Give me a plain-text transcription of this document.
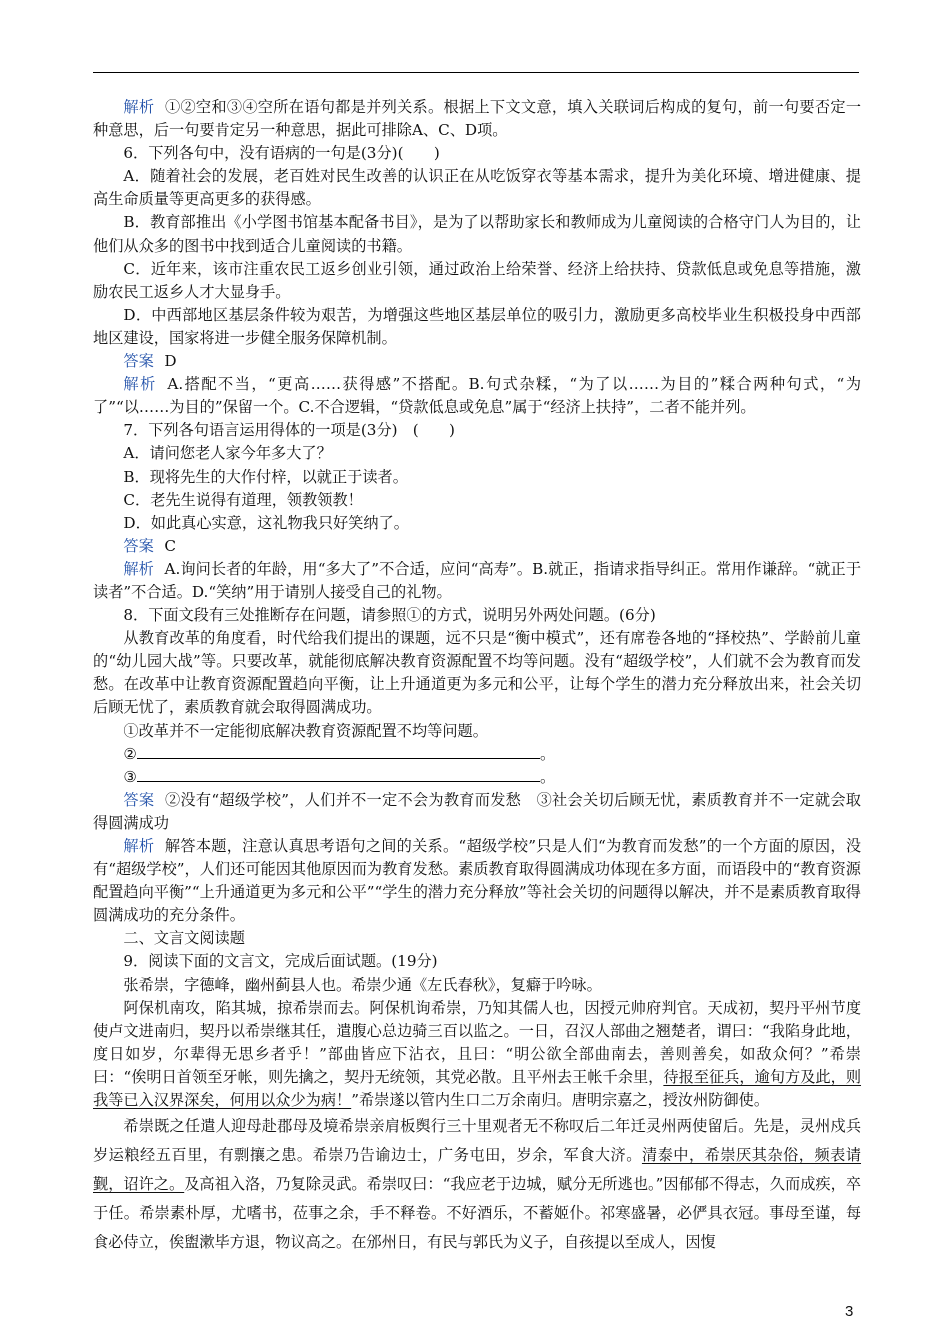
解析 ①②空和③④空所在语句都是并列关系。根据上下文文意，填入关联词后构成的复句，前一句要否定一种意思，后一句要肯定另一种意思，据此可排除A、C、D项。

6．下列各句中，没有语病的一句是(3分)(　　)

A．随着社会的发展，老百姓对民生改善的认识正在从吃饭穿衣等基本需求，提升为美化环境、增进健康、提高生命质量等更高更多的获得感。

B．教育部推出《小学图书馆基本配备书目》，是为了以帮助家长和教师成为儿童阅读的合格守门人为目的，让他们从众多的图书中找到适合儿童阅读的书籍。

C．近年来，该市注重农民工返乡创业引领，通过政治上给荣誉、经济上给扶持、贷款低息或免息等措施，激励农民工返乡人才大显身手。

D．中西部地区基层条件较为艰苦，为增强这些地区基层单位的吸引力，激励更多高校毕业生积极投身中西部地区建设，国家将进一步健全服务保障机制。

答案 D

解析 A.搭配不当，“更高……获得感”不搭配。B.句式杂糅，“为了以……为目的”糅合两种句式，“为了”“以……为目的”保留一个。C.不合逻辑，“贷款低息或免息”属于“经济上扶持”，二者不能并列。

7．下列各句语言运用得体的一项是(3分)　(　　)

A．请问您老人家今年多大了？

B．现将先生的大作付梓，以就正于读者。

C．老先生说得有道理，领教领教！

D．如此真心实意，这礼物我只好笑纳了。

答案 C

解析 A.询问长者的年龄，用“多大了”不合适，应问“高寿”。B.就正，指请求指导纠正。常用作谦辞。“就正于读者”不合适。D.“笑纳”用于请别人接受自己的礼物。

8．下面文段有三处推断存在问题，请参照①的方式，说明另外两处问题。(6分)

从教育改革的角度看，时代给我们提出的课题，远不只是“衡中模式”，还有席卷各地的“择校热”、学龄前儿童的“幼儿园大战”等。只要改革，就能彻底解决教育资源配置不均等问题。没有“超级学校”，人们就不会为教育而发愁。在改革中让教育资源配置趋向平衡，让上升通道更为多元和公平，让每个学生的潜力充分释放出来，社会关切后顾无忧了，素质教育就会取得圆满成功。

①改革并不一定能彻底解决教育资源配置不均等问题。

②	。

③	。

答案 ②没有“超级学校”，人们并不一定不会为教育而发愁　③社会关切后顾无忧，素质教育并不一定就会取得圆满成功

解析 解答本题，注意认真思考语句之间的关系。“超级学校”只是人们“为教育而发愁”的一个方面的原因，没有“超级学校”，人们还可能因其他原因而为教育发愁。素质教育取得圆满成功体现在多方面，而语段中的“教育资源配置趋向平衡”“上升通道更为多元和公平”“学生的潜力充分释放”等社会关切的问题得以解决，并不是素质教育取得圆满成功的充分条件。

二、文言文阅读题

9．阅读下面的文言文，完成后面试题。(19分)

张希崇，字德峰，幽州蓟县人也。希崇少通《左氏春秋》，复癖于吟咏。

阿保机南攻，陷其城，掠希崇而去。阿保机询希崇，乃知其儒人也，因授元帅府判官。天成初，契丹平州节度使卢文进南归，契丹以希崇继其任，遣腹心总边骑三百以监之。一日，召汉人部曲之翘楚者，谓曰：“我陷身此地，度日如岁，尔辈得无思乡者乎！”部曲皆应下沾衣，且曰：“明公欲全部曲南去，善则善矣，如敌众何？”希崇曰：“俟明日首领至牙帐，则先擒之，契丹无统领，其党必散。且平州去王帐千余里，待报至征兵，逾旬方及此，则我等已入汉界深矣，何用以众少为病！”希崇遂以管内生口二万余南归。唐明宗嘉之，授汝州防御使。

希崇既之任遣人迎母赴郡母及境希崇亲肩板舆行三十里观者无不称叹后二年迁灵州两使留后。先是，灵州戍兵岁运粮经五百里，有剽攘之患。希崇乃告谕边士，广务屯田，岁余，军食大济。清泰中，希崇厌其杂俗，频表请觐，诏许之。及高祖入洛，乃复除灵武。希崇叹曰：“我应老于边城，赋分无所逃也。”因郁郁不得志，久而成疾，卒于任。希崇素朴厚，尤嗜书，莅事之余，手不释卷。不好酒乐，不蓄姬仆。祁寒盛暑，必俨具衣冠。事母至谨，每食必侍立，俟盥漱毕方退，物议高之。在邠州日，有民与郭氏为义子，自孩提以至成人，因愎

3
